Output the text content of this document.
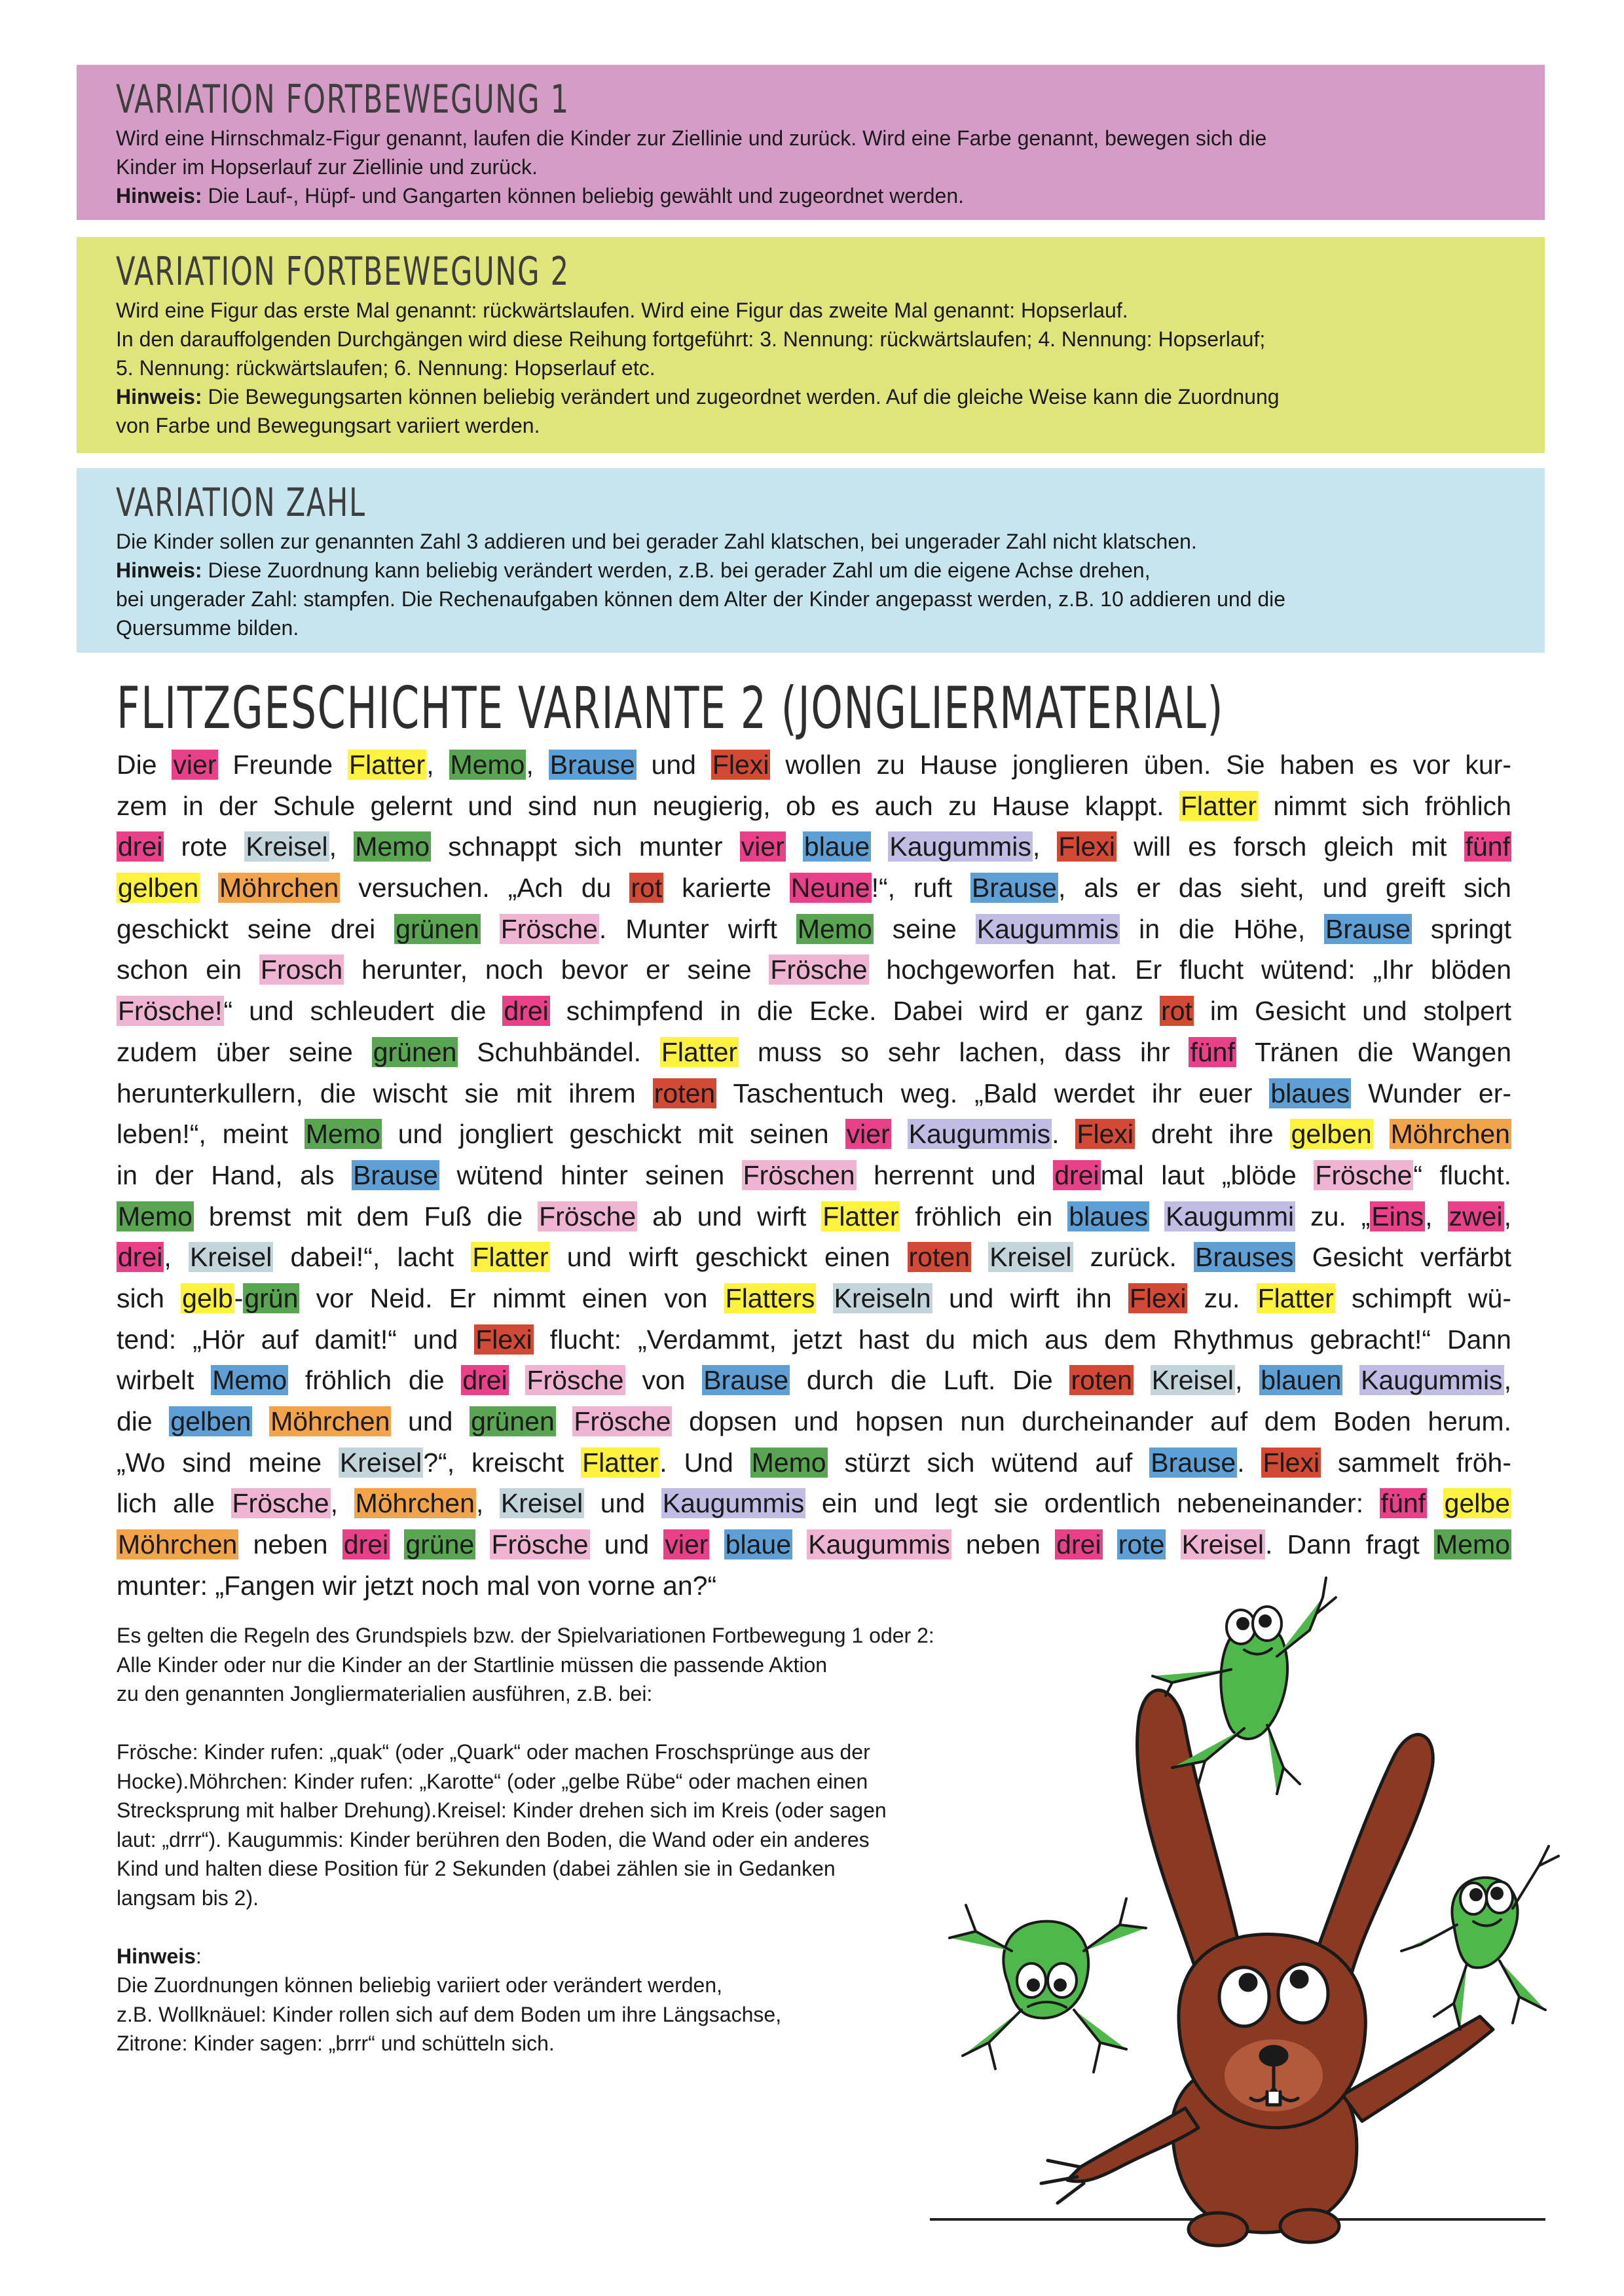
VARIATION FORTBEWEGUNG 1

Wird eine Hirnschmalz-Figur genannt, laufen die Kinder zur Ziellinie und zurück. Wird eine Farbe genannt, bewegen sich die

Kinder im Hopserlauf zur Ziellinie und zurück.

Hinweis: Die Lauf-, Hüpf- und Gangarten können beliebig gewählt und zugeordnet werden.

VARIATION FORTBEWEGUNG 2

Wird eine Figur das erste Mal genannt: rückwärtslaufen. Wird eine Figur das zweite Mal genannt: Hopserlauf.

In den darauffolgenden Durchgängen wird diese Reihung fortgeführt: 3. Nennung: rückwärtslaufen; 4. Nennung: Hopserlauf;

5. Nennung: rückwärtslaufen; 6. Nennung: Hopserlauf etc.

Hinweis: Die Bewegungsarten können beliebig verändert und zugeordnet werden. Auf die gleiche Weise kann die Zuordnung

von Farbe und Bewegungsart variiert werden.

VARIATION ZAHL

Die Kinder sollen zur genannten Zahl 3 addieren und bei gerader Zahl klatschen, bei ungerader Zahl nicht klatschen.

Hinweis: Diese Zuordnung kann beliebig verändert werden, z.B. bei gerader Zahl um die eigene Achse drehen,

bei ungerader Zahl: stampfen. Die Rechenaufgaben können dem Alter der Kinder angepasst werden, z.B. 10 addieren und die

Quersumme bilden.

FLITZGESCHICHTE VARIANTE 2 (JONGLIERMATERIAL)
Die vier Freunde Flatter, Memo, Brause und Flexi wollen zu Hause jonglieren üben. Sie haben es vor kur-
zem in der Schule gelernt und sind nun neugierig, ob es auch zu Hause klappt. Flatter nimmt sich fröhlich
drei rote Kreisel, Memo schnappt sich munter vier blaue Kaugummis, Flexi will es forsch gleich mit fünf
gelben Möhrchen versuchen. „Ach du rot karierte Neune!“, ruft Brause, als er das sieht, und greift sich
geschickt seine drei grünen Frösche. Munter wirft Memo seine Kaugummis in die Höhe, Brause springt
schon ein Frosch herunter, noch bevor er seine Frösche hochgeworfen hat. Er flucht wütend: „Ihr blöden
Frösche!“ und schleudert die drei schimpfend in die Ecke. Dabei wird er ganz rot im Gesicht und stolpert
zudem über seine grünen Schuhbändel. Flatter muss so sehr lachen, dass ihr fünf Tränen die Wangen
herunterkullern, die wischt sie mit ihrem roten Taschentuch weg. „Bald werdet ihr euer blaues Wunder er-
leben!“, meint Memo und jongliert geschickt mit seinen vier Kaugummis. Flexi dreht ihre gelben Möhrchen
in der Hand, als Brause wütend hinter seinen Fröschen herrennt und dreimal laut „blöde Frösche“ flucht.
Memo bremst mit dem Fuß die Frösche ab und wirft Flatter fröhlich ein blaues Kaugummi zu. „Eins, zwei,
drei, Kreisel dabei!“, lacht Flatter und wirft geschickt einen roten Kreisel zurück. Brauses Gesicht verfärbt
sich gelb-grün vor Neid. Er nimmt einen von Flatters Kreiseln und wirft ihn Flexi zu. Flatter schimpft wü-
tend: „Hör auf damit!“ und Flexi flucht: „Verdammt, jetzt hast du mich aus dem Rhythmus gebracht!“ Dann
wirbelt Memo fröhlich die drei Frösche von Brause durch die Luft. Die roten Kreisel, blauen Kaugummis,
die gelben Möhrchen und grünen Frösche dopsen und hopsen nun durcheinander auf dem Boden herum.
„Wo sind meine Kreisel?“, kreischt Flatter. Und Memo stürzt sich wütend auf Brause. Flexi sammelt fröh-
lich alle Frösche, Möhrchen, Kreisel und Kaugummis ein und legt sie ordentlich nebeneinander: fünf gelbe
Möhrchen neben drei grüne Frösche und vier blaue Kaugummis neben drei rote Kreisel. Dann fragt Memo
munter: „Fangen wir jetzt noch mal von vorne an?“

Es gelten die Regeln des Grundspiels bzw. der Spielvariationen Fortbewegung 1 oder 2:

Alle Kinder oder nur die Kinder an der Startlinie müssen die passende Aktion

zu den genannten Jongliermaterialien ausführen, z.B. bei:

Frösche: Kinder rufen: „quak“ (oder „Quark“ oder machen Froschsprünge aus der

Hocke).Möhrchen: Kinder rufen: „Karotte“ (oder „gelbe Rübe“ oder machen einen

Strecksprung mit halber Drehung).Kreisel: Kinder drehen sich im Kreis (oder sagen

laut: „drrr“). Kaugummis: Kinder berühren den Boden, die Wand oder ein anderes

Kind und halten diese Position für 2 Sekunden (dabei zählen sie in Gedanken

langsam bis 2).

Hinweis:

Die Zuordnungen können beliebig variiert oder verändert werden,

z.B. Wollknäuel: Kinder rollen sich auf dem Boden um ihre Längsachse,

Zitrone: Kinder sagen: „brrr“ und schütteln sich.
